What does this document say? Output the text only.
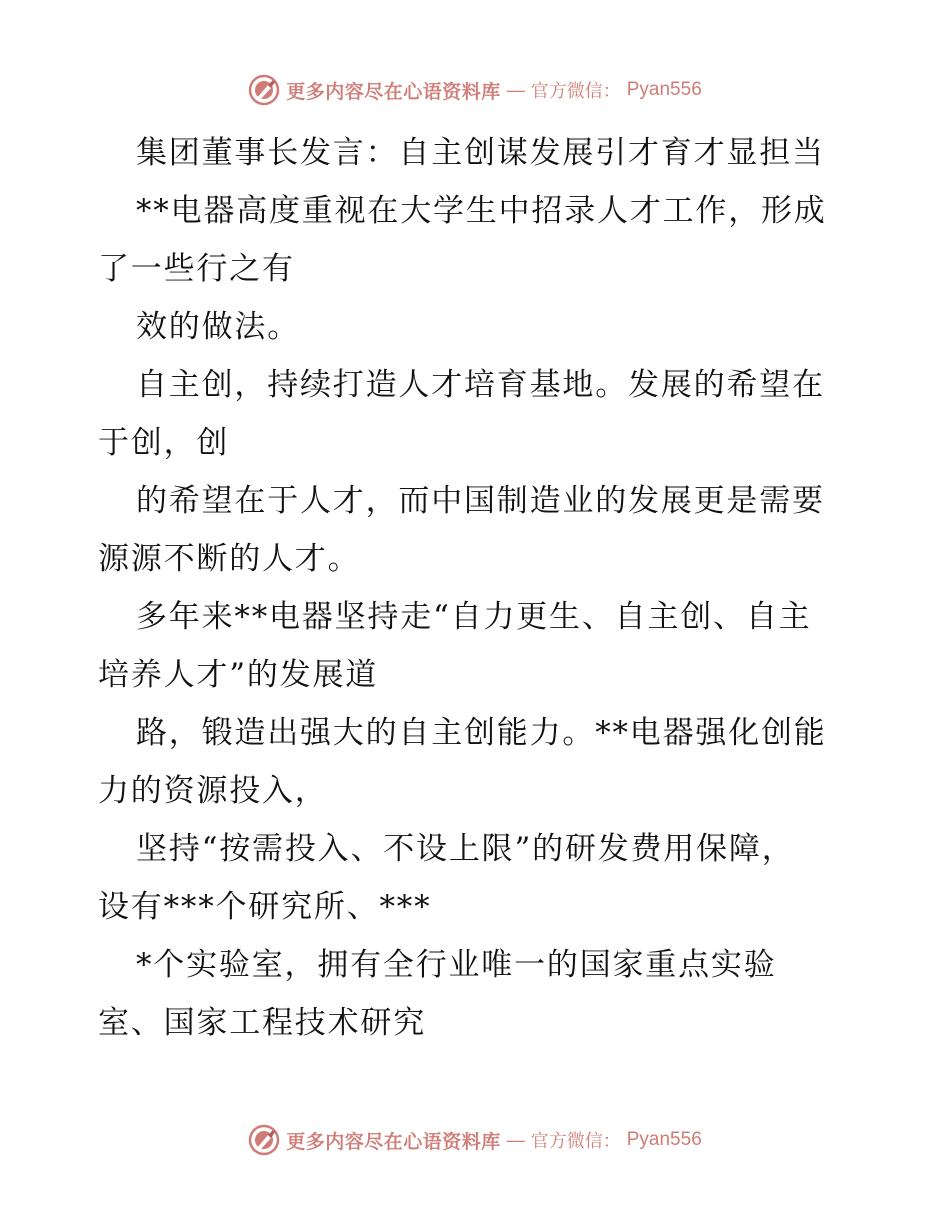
更多内容尽在心语资料库 — 官方微信： Pyan556
集团董事长发言：自主创谋发展引才育才显担当
**电器高度重视在大学生中招录人才工作，形成
了一些行之有
效的做法。
自主创，持续打造人才培育基地。发展的希望在
于创，创
的希望在于人才，而中国制造业的发展更是需要
源源不断的人才。
多年来**电器坚持走“自力更生、自主创、自主
培养人才”的发展道
路，锻造出强大的自主创能力。**电器强化创能
力的资源投入，
坚持“按需投入、不设上限”的研发费用保障，
设有***个研究所、***
*个实验室，拥有全行业唯一的国家重点实验
室、国家工程技术研究
更多内容尽在心语资料库 — 官方微信： Pyan556
